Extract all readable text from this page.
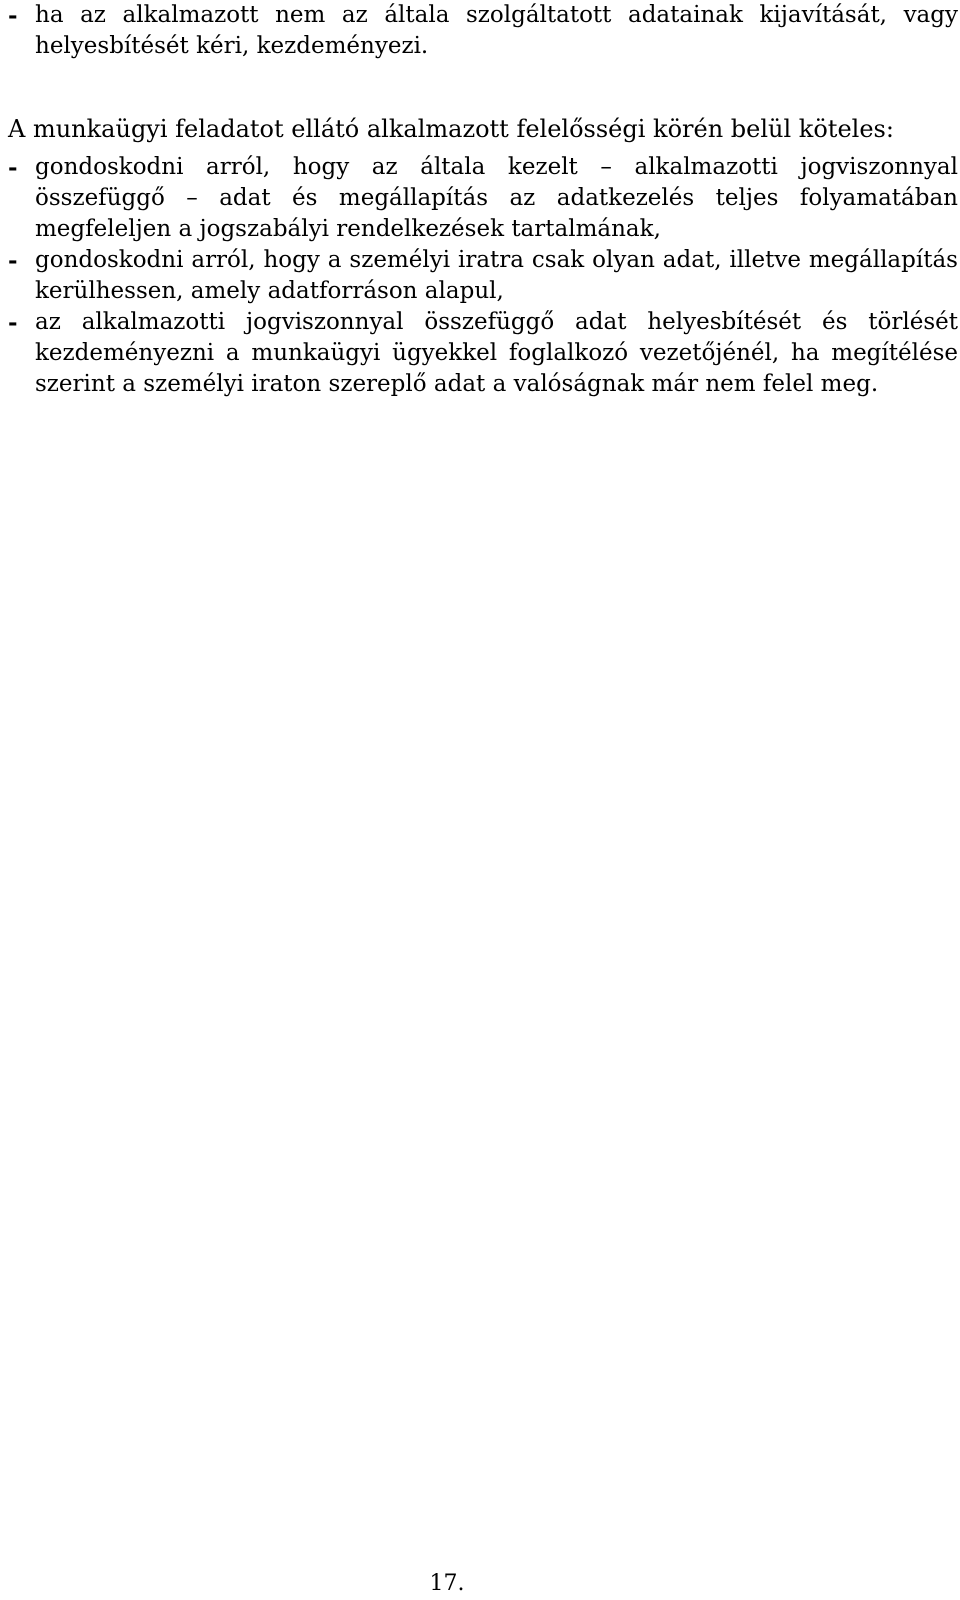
- ha az alkalmazott nem az általa szolgáltatott adatainak kijavítását, vagy helyesbítését kéri, kezdeményezi.

A munkaügyi feladatot ellátó alkalmazott felelősségi körén belül köteles:

- gondoskodni arról, hogy az általa kezelt – alkalmazotti jogviszonnyal összefüggő – adat és megállapítás az adatkezelés teljes folyamatában megfeleljen a jogszabályi rendelkezések tartalmának,
- gondoskodni arról, hogy a személyi iratra csak olyan adat, illetve megállapítás kerülhessen, amely adatforráson alapul,
- az alkalmazotti jogviszonnyal összefüggő adat helyesbítését és törlését kezdeményezni a munkaügyi ügyekkel foglalkozó vezetőjénél, ha megítélése szerint a személyi iraton szereplő adat a valóságnak már nem felel meg.
17.
